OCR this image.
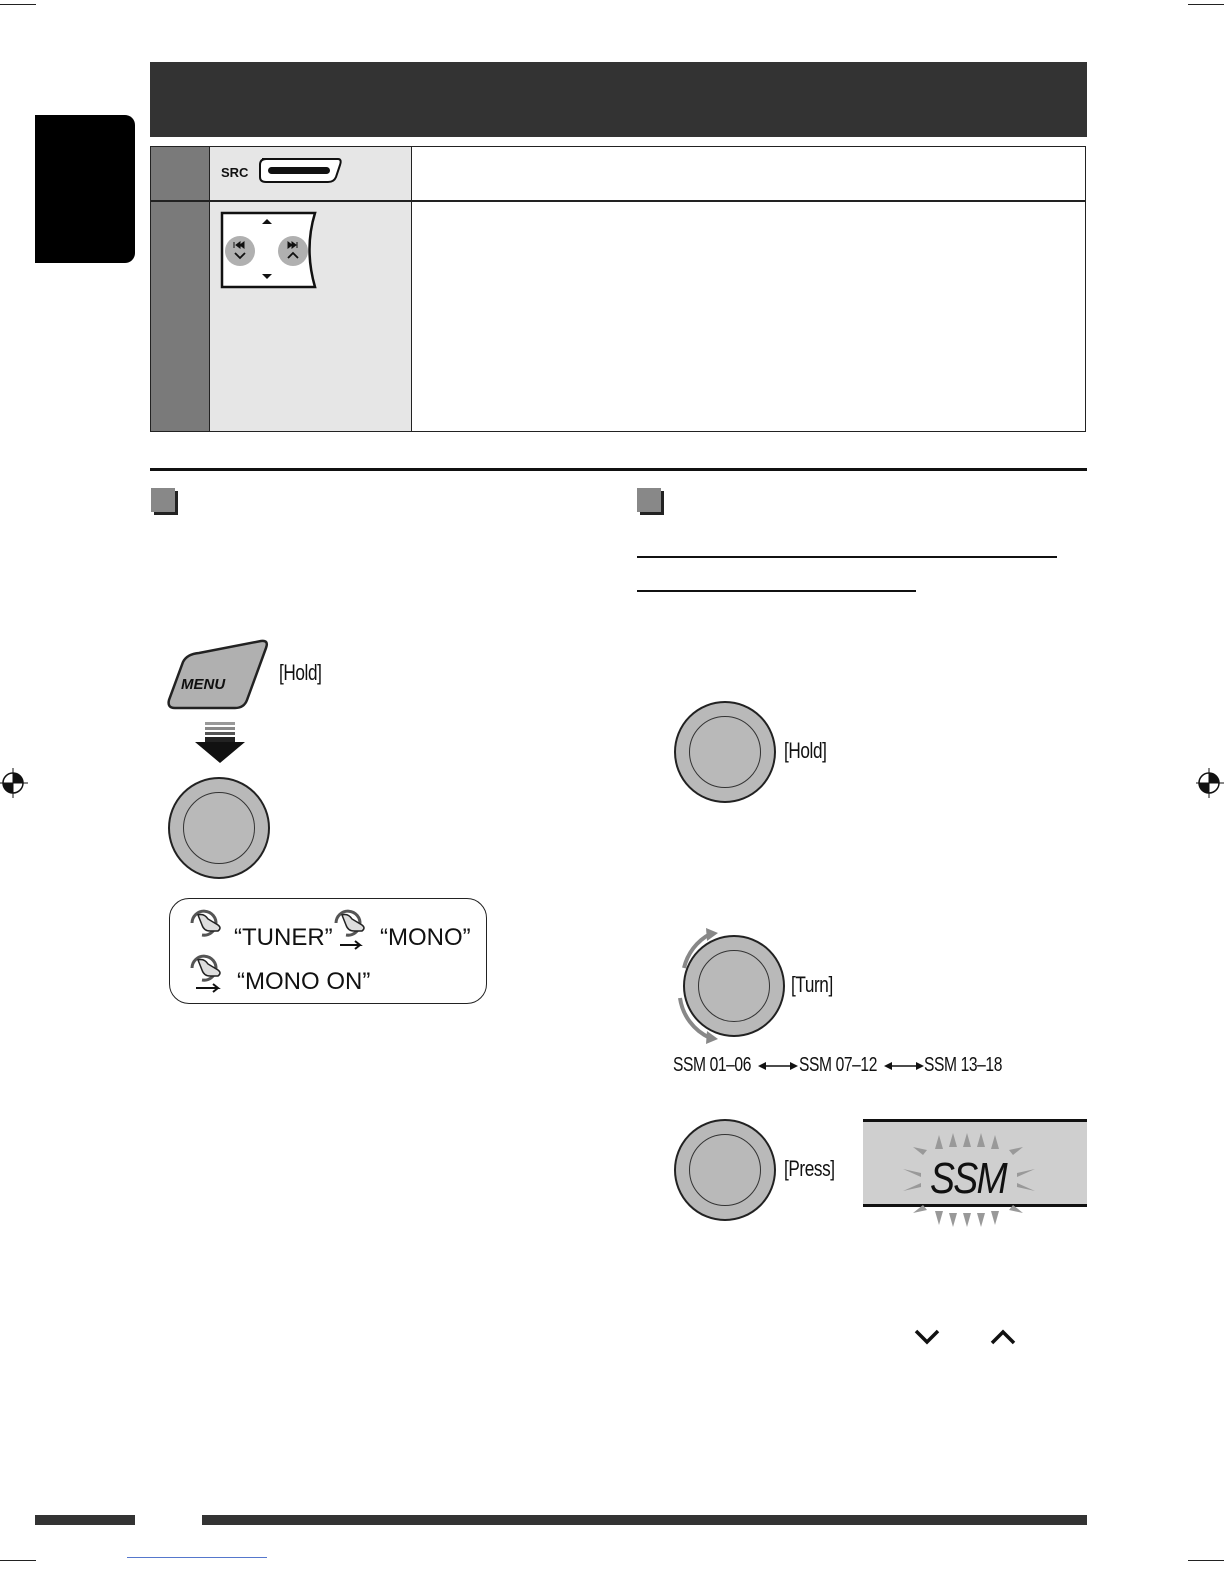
SRC
MENU [Hold]
“TUNER” “MONO”
“MONO ON”
[Hold]
[Turn]
SSM 01–06 SSM 07–12 SSM 13–18
[Press] SSM
